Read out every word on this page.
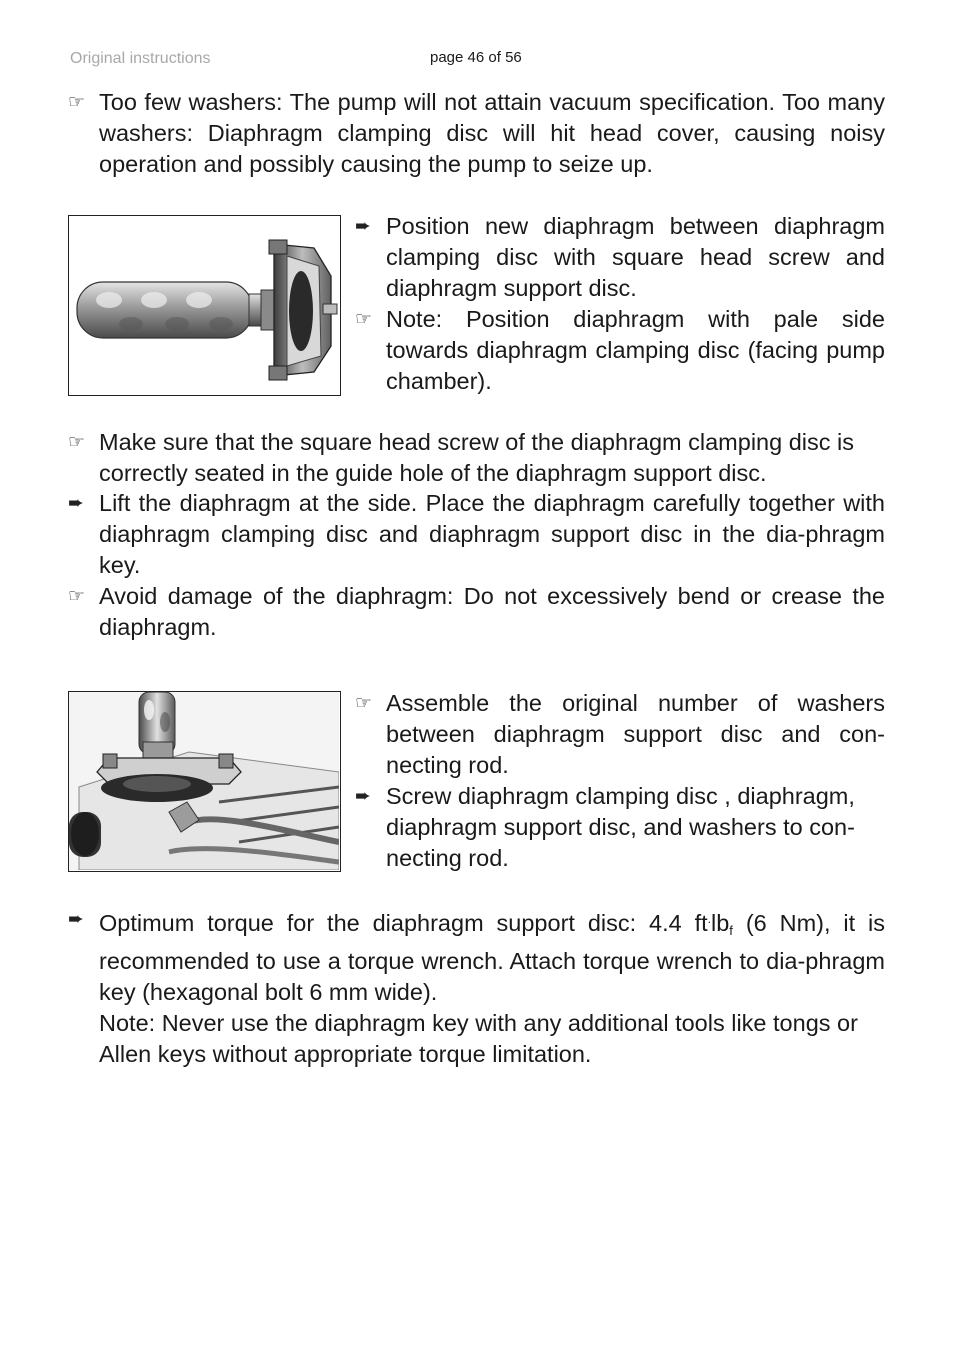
Original instructions	page 46 of 56
☞ Too few washers: The pump will not attain vacuum specification. Too many washers: Diaphragm clamping disc will hit head cover, causing noisy operation and possibly causing the pump to seize up.
➨ Position new diaphragm between diaphragm clamping disc with square head screw and diaphragm support disc.
☞ Note: Position diaphragm with pale side towards diaphragm clamping disc (facing pump chamber).
☞ Make sure that the square head screw of the diaphragm clamping disc is correctly seated in the guide hole of the diaphragm support disc.
➨ Lift the diaphragm at the side. Place the diaphragm carefully together with diaphragm clamping disc and diaphragm support disc in the dia-phragm key.
☞ Avoid damage of the diaphragm: Do not excessively bend or crease the diaphragm.
☞ Assemble the original number of washers between diaphragm support disc and con-necting rod.
➨ Screw diaphragm clamping disc , diaphragm, diaphragm support disc, and washers to con-necting rod.
➨ Optimum torque for the diaphragm support disc: 4.4 $ft^.lb_f$ (6 Nm), it is recommended to use a torque wrench. Attach torque wrench to dia-phragm key (hexagonal bolt 6 mm wide).
Note: Never use the diaphragm key with any additional tools like tongs or Allen keys without appropriate torque limitation.
